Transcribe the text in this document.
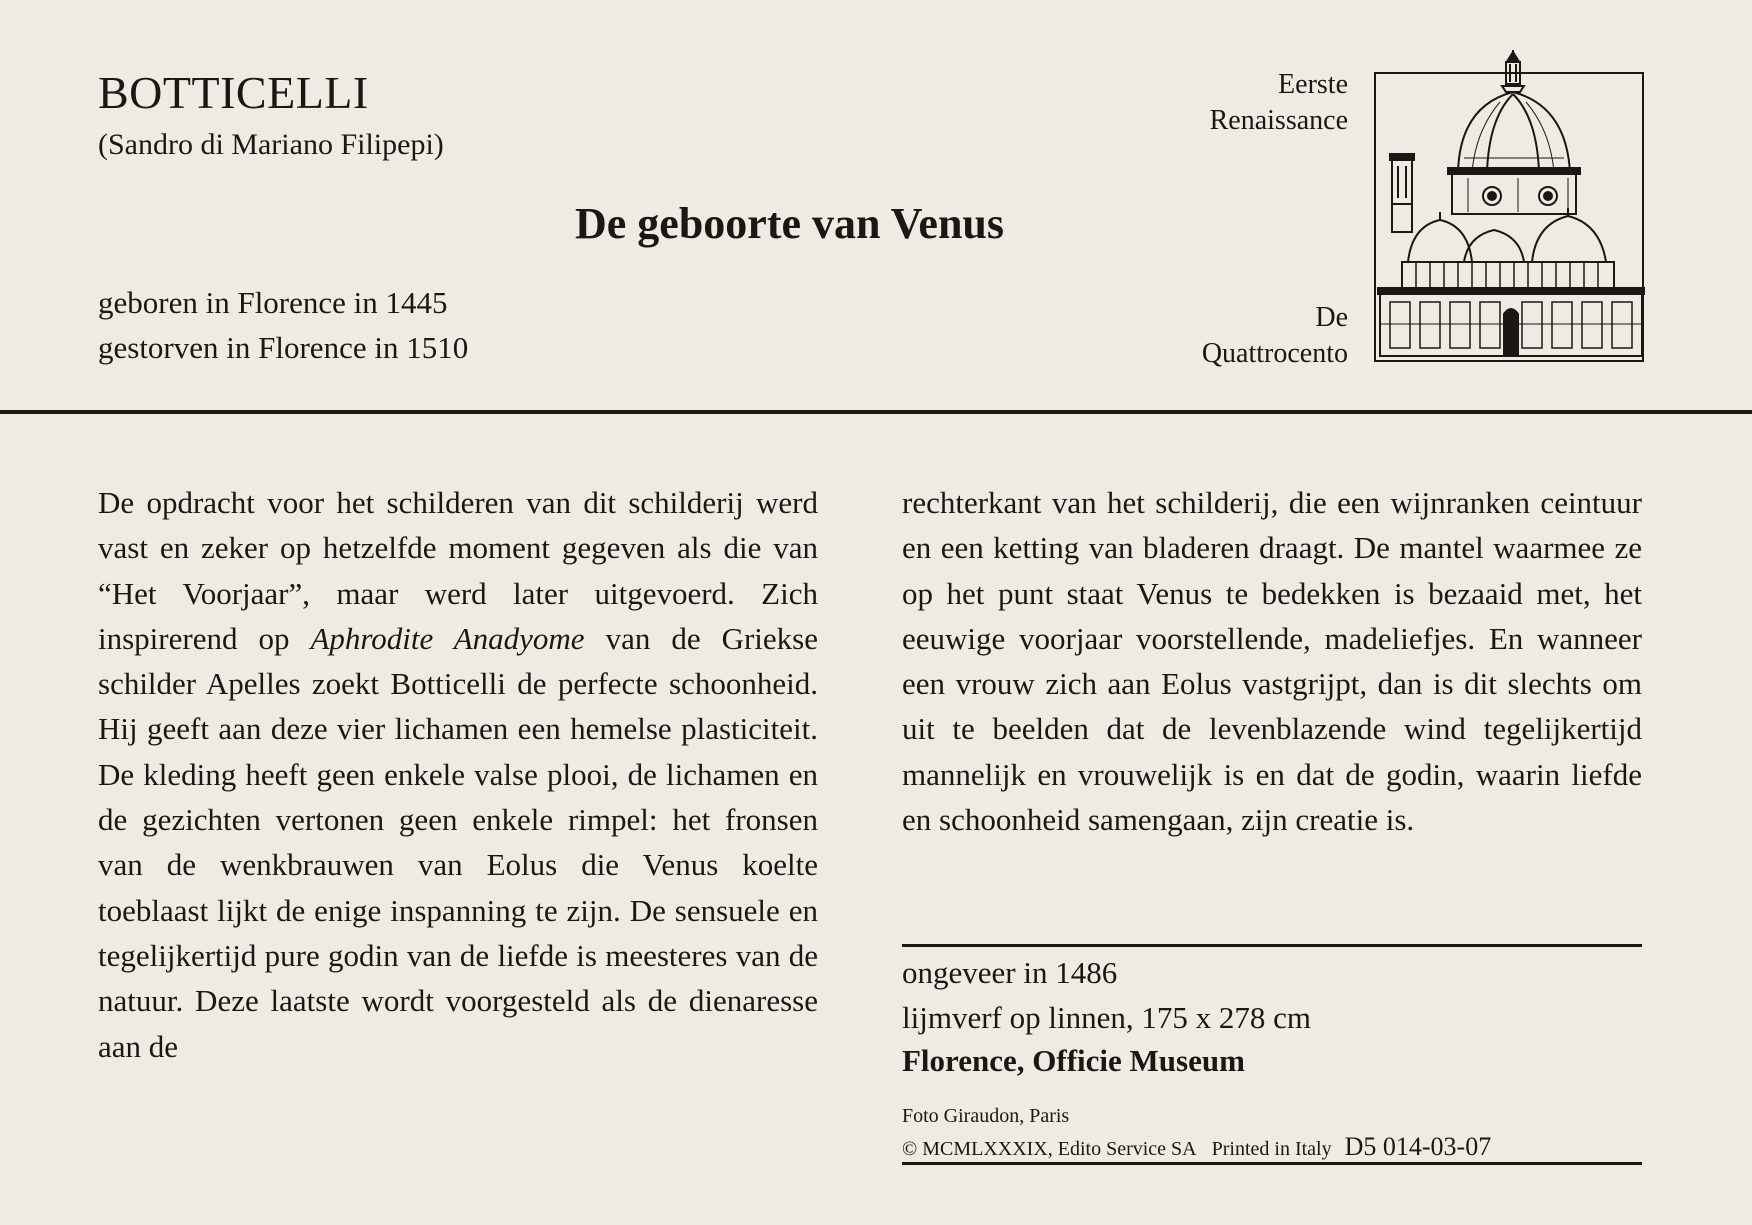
BOTTICELLI
(Sandro di Mariano Filipepi)
De geboorte van Venus
geboren in Florence in 1445
gestorven in Florence in 1510
Eerste
Renaissance
De
Quattrocento

De opdracht voor het schilderen van dit schilderij werd vast en zeker op hetzelfde moment gegeven als die van “Het Voorjaar”, maar werd later uitgevoerd. Zich inspirerend op Aphrodite Anadyome van de Griekse schilder Apelles zoekt Botticelli de perfecte schoonheid. Hij geeft aan deze vier lichamen een hemelse plasticiteit. De kleding heeft geen enkele valse plooi, de lichamen en de gezichten vertonen geen enkele rimpel: het fronsen van de wenkbrauwen van Eolus die Venus koelte toeblaast lijkt de enige inspanning te zijn. De sensuele en tegelijkertijd pure godin van de liefde is meesteres van de natuur. Deze laatste wordt voorgesteld als de dienaresse aan de

rechterkant van het schilderij, die een wijnranken ceintuur en een ketting van bladeren draagt. De mantel waarmee ze op het punt staat Venus te bedekken is bezaaid met, het eeuwige voorjaar voorstellende, madeliefjes. En wanneer een vrouw zich aan Eolus vastgrijpt, dan is dit slechts om uit te beelden dat de levenblazende wind tegelijkertijd mannelijk en vrouwelijk is en dat de godin, waarin liefde en schoonheid samengaan, zijn creatie is.

ongeveer in 1486
lijmverf op linnen, 175 x 278 cm
Florence, Officie Museum
Foto Giraudon, Paris
© MCMLXXXIX, Edito Service SA Printed in Italy D5 014-03-07
